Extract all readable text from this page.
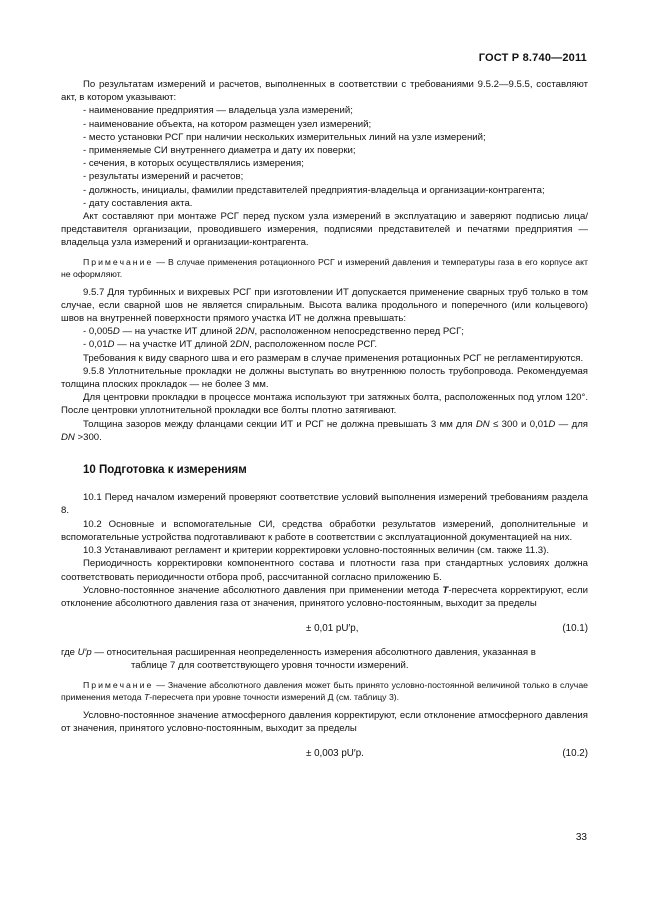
ГОСТ Р 8.740—2011

По результатам измерений и расчетов, выполненных в соответствии с требованиями 9.5.2—9.5.5, составляют акт, в котором указывают:

- наименование предприятия — владельца узла измерений;

- наименование объекта, на котором размещен узел измерений;

- место установки РСГ при наличии нескольких измерительных линий на узле измерений;

- применяемые СИ внутреннего диаметра и дату их поверки;

- сечения, в которых осуществлялись измерения;

- результаты измерений и расчетов;

- должность, инициалы, фамилии представителей предприятия-владельца и организации-контрагента;

- дату составления акта.

Акт составляют при монтаже РСГ перед пуском узла измерений в эксплуатацию и заверяют подписью лица/представителя организации, проводившего измерения, подписями представителей и печатями предприятия — владельца узла измерений и организации-контрагента.

Примечание — В случае применения ротационного РСГ и измерений давления и температуры газа в его корпусе акт не оформляют.

9.5.7 Для турбинных и вихревых РСГ при изготовлении ИТ допускается применение сварных труб только в том случае, если сварной шов не является спиральным. Высота валика продольного и поперечного (или кольцевого) швов на внутренней поверхности прямого участка ИТ не должна превышать:

- 0,005D — на участке ИТ длиной 2DN, расположенном непосредственно перед РСГ;

- 0,01D — на участке ИТ длиной 2DN, расположенном после РСГ.

Требования к виду сварного шва и его размерам в случае применения ротационных РСГ не регламентируются.

9.5.8 Уплотнительные прокладки не должны выступать во внутреннюю полость трубопровода. Рекомендуемая толщина плоских прокладок — не более 3 мм.

Для центровки прокладки в процессе монтажа используют три затяжных болта, расположенных под углом 120°. После центровки уплотнительной прокладки все болты плотно затягивают.

Толщина зазоров между фланцами секции ИТ и РСГ не должна превышать 3 мм для DN ≤ 300 и 0,01D — для DN >300.

10 Подготовка к измерениям

10.1 Перед началом измерений проверяют соответствие условий выполнения измерений требованиям раздела 8.

10.2 Основные и вспомогательные СИ, средства обработки результатов измерений, дополнительные и вспомогательные устройства подготавливают к работе в соответствии с эксплуатационной документацией на них.

10.3 Устанавливают регламент и критерии корректировки условно-постоянных величин (см. также 11.3).

Периодичность корректировки компонентного состава и плотности газа при стандартных условиях должна соответствовать периодичности отбора проб, рассчитанной согласно приложению Б.

Условно-постоянное значение абсолютного давления при применении метода Т-пересчета корректируют, если отклонение абсолютного давления газа от значения, принятого условно-постоянным, выходит за пределы

± 0,01 pU′p,	(10.1)

где U′p — относительная расширенная неопределенность измерения абсолютного давления, указанная в

таблице 7 для соответствующего уровня точности измерений.

Примечание — Значение абсолютного давления может быть принято условно-постоянной величиной только в случае применения метода Т-пересчета при уровне точности измерений Д (см. таблицу 3).

Условно-постоянное значение атмосферного давления корректируют, если отклонение атмосферного давления от значения, принятого условно-постоянным, выходит за пределы

± 0,003 pU′p.	(10.2)
33
